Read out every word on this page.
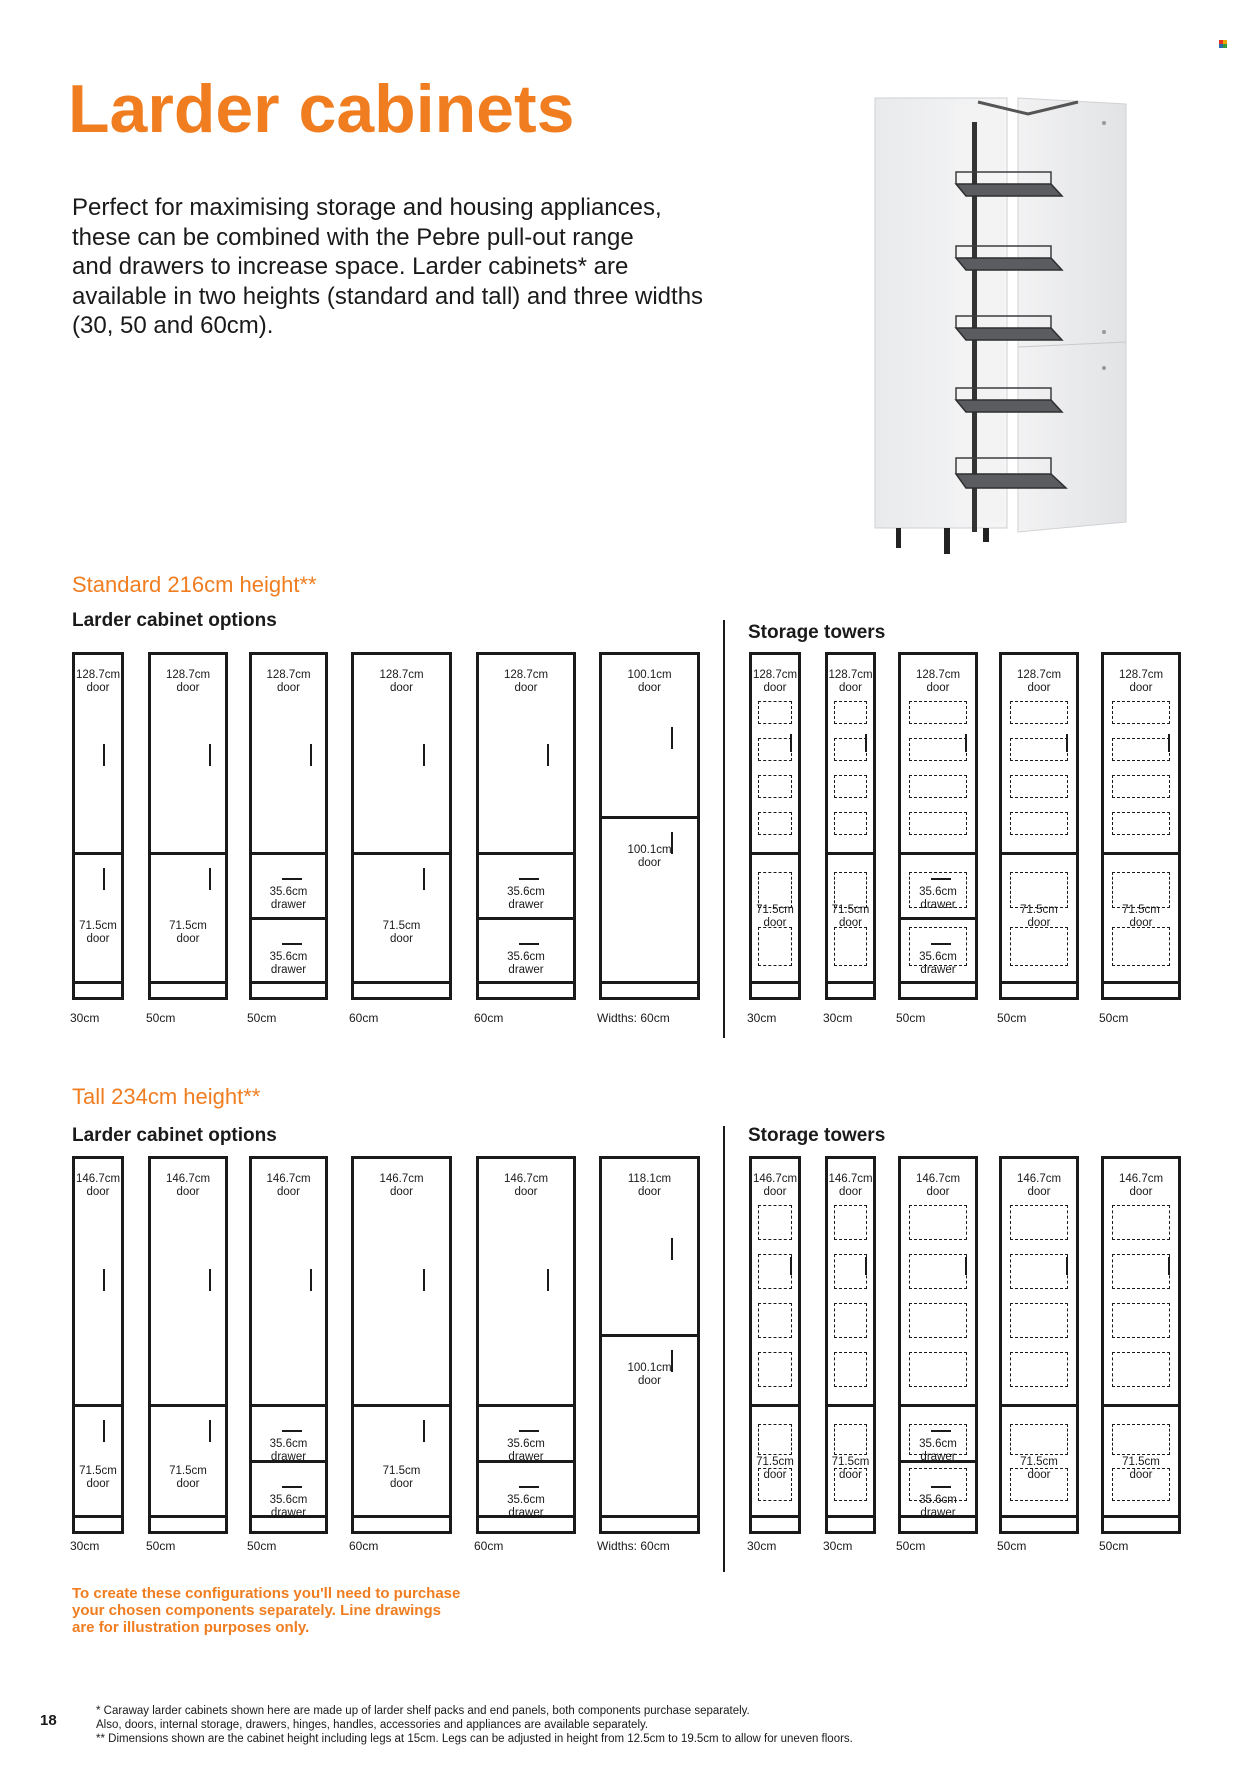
Larder cabinets
Perfect for maximising storage and housing appliances,
these can be combined with the Pebre pull-out range
and drawers to increase space. Larder cabinets* are
available in two heights (standard and tall) and three widths
(30, 50 and 60cm).
Standard 216cm height**
Larder cabinet options
Storage towers
Tall 234cm height**
Larder cabinet options	Storage towers
To create these configurations you'll need to purchase
your chosen components separately. Line drawings
are for illustration purposes only.
18
* Caraway larder cabinets shown here are made up of larder shelf packs and end panels, both components purchase separately.
Also, doors, internal storage, drawers, hinges, handles, accessories and appliances are available separately.
** Dimensions shown are the cabinet height including legs at 15cm. Legs can be adjusted in height from 12.5cm to 19.5cm to allow for uneven floors.
128.7cm
door
71.5cm
door
30cm
128.7cm
door
71.5cm
door
50cm
128.7cm
door
35.6cm
drawer
35.6cm
drawer
50cm
128.7cm
door
71.5cm
door
60cm
128.7cm
door
35.6cm
drawer
35.6cm
drawer
60cm
100.1cm
door
100.1cm
door
Widths: 60cm
128.7cm
door
71.5cm
door
30cm
128.7cm
door
71.5cm
door
30cm
128.7cm
door
35.6cm
drawer
35.6cm
drawer
50cm
128.7cm
door
71.5cm
door
50cm
128.7cm
door
71.5cm
door
50cm
146.7cm
door
71.5cm
door
30cm
146.7cm
door
71.5cm
door
50cm
146.7cm
door
35.6cm
drawer
35.6cm
drawer
50cm
146.7cm
door
71.5cm
door
60cm
146.7cm
door
35.6cm
drawer
35.6cm
drawer
60cm
118.1cm
door
100.1cm
door
Widths: 60cm
146.7cm
door
71.5cm
door
30cm
146.7cm
door
71.5cm
door
30cm
146.7cm
door
35.6cm
drawer
35.6cm
drawer
50cm
146.7cm
door
71.5cm
door
50cm
146.7cm
door
71.5cm
door
50cm
